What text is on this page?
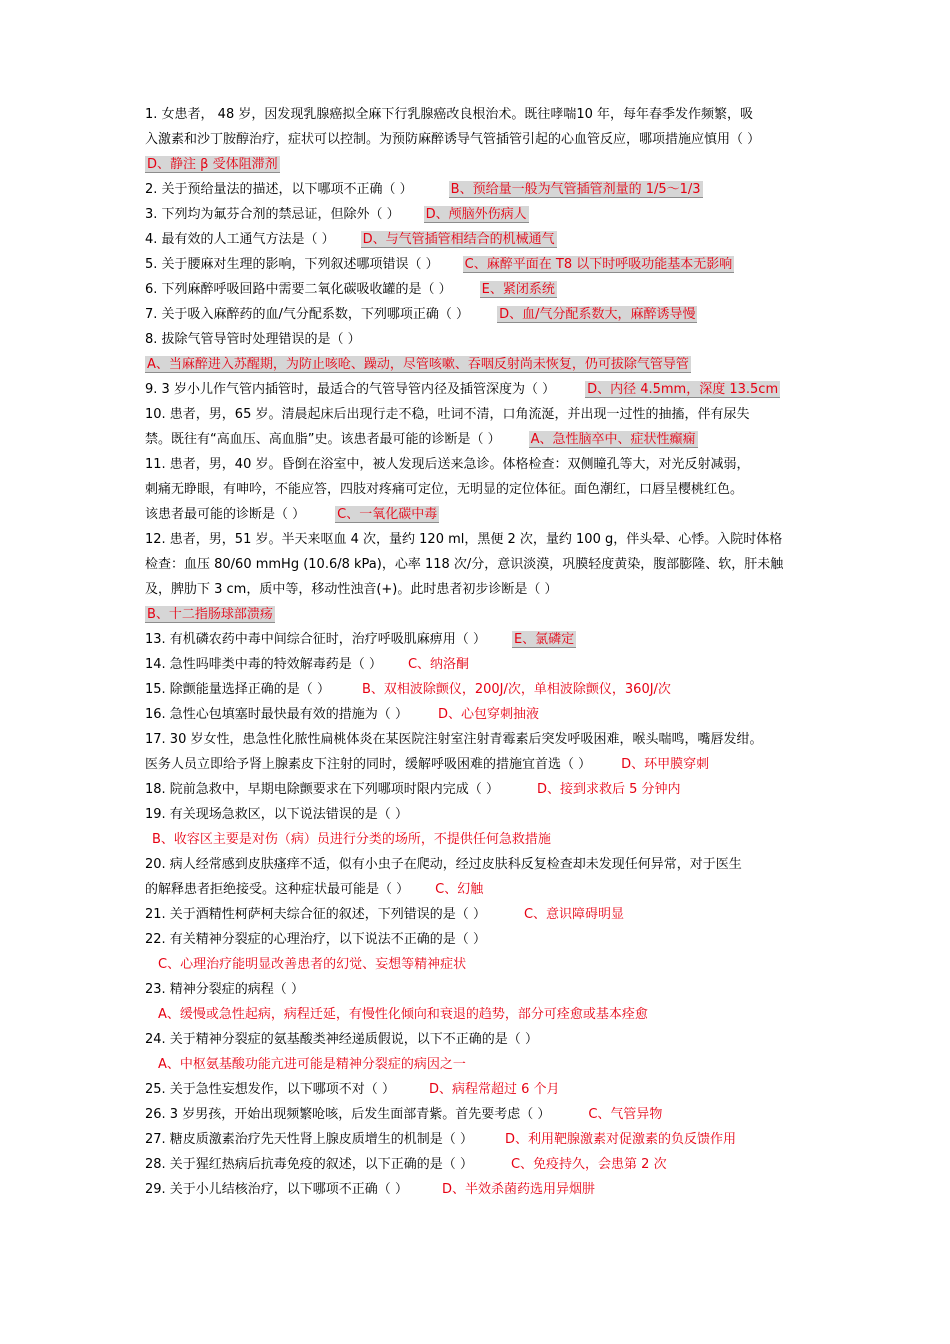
1. 女患者， 48 岁，因发现乳腺癌拟全麻下行乳腺癌改良根治术。既往哮喘10 年，每年春季发作频繁，吸
入激素和沙丁胺醇治疗，症状可以控制。为预防麻醉诱导气管插管引起的心血管反应，哪项措施应慎用（ ）
D、静注 β 受体阻滞剂
2. 关于预给量法的描述，以下哪项不正确（ ）	B、预给量一般为气管插管剂量的 1/5～1/3
3. 下列均为氟芬合剂的禁忌证，但除外（ ） D、颅脑外伤病人
4. 最有效的人工通气方法是（ ） D、与气管插管相结合的机械通气
5. 关于腰麻对生理的影响，下列叙述哪项错误（ ） C、麻醉平面在 T8 以下时呼吸功能基本无影响
6. 下列麻醉呼吸回路中需要二氧化碳吸收罐的是（ ） E、紧闭系统
7. 关于吸入麻醉药的血/气分配系数，下列哪项正确（ ） D、血/气分配系数大，麻醉诱导慢
8. 拔除气管导管时处理错误的是（ ）
A、当麻醉进入苏醒期，为防止咳呛、躁动，尽管咳嗽、吞咽反射尚未恢复，仍可拔除气管导管
9. 3 岁小儿作气管内插管时，最适合的气管导管内径及插管深度为（ ） D、内径 4.5mm，深度 13.5cm
10. 患者，男，65 岁。清晨起床后出现行走不稳，吐词不清，口角流涎，并出现一过性的抽搐，伴有尿失
禁。既往有“高血压、高血脂”史。该患者最可能的诊断是（ ） A、急性脑卒中、症状性癫痫
11. 患者，男，40 岁。昏倒在浴室中，被人发现后送来急诊。体格检查：双侧瞳孔等大，对光反射减弱，
刺痛无睁眼，有呻吟，不能应答，四肢对疼痛可定位，无明显的定位体征。面色潮红，口唇呈樱桃红色。
该患者最可能的诊断是（ ） C、一氧化碳中毒
12. 患者，男，51 岁。半天来呕血 4 次，量约 120 ml，黑便 2 次，量约 100 g，伴头晕、心悸。入院时体格
检查：血压 80/60 mmHg (10.6/8 kPa)，心率 118 次/分，意识淡漠，巩膜轻度黄染，腹部膨隆、软，肝未触
及，脾肋下 3 cm，质中等，移动性浊音(+)。此时患者初步诊断是（ ）
B、十二指肠球部溃疡
13. 有机磷农药中毒中间综合征时，治疗呼吸肌麻痹用（ ） E、氯磷定
14. 急性吗啡类中毒的特效解毒药是（ ） C、纳洛酮
15. 除颤能量选择正确的是（ ） B、双相波除颤仪，200J/次，单相波除颤仪，360J/次
16. 急性心包填塞时最快最有效的措施为（ ） D、心包穿刺抽液
17. 30 岁女性，患急性化脓性扁桃体炎在某医院注射室注射青霉素后突发呼吸困难，喉头喘鸣，嘴唇发绀。
医务人员立即给予肾上腺素皮下注射的同时，缓解呼吸困难的措施宜首选（ ） D、环甲膜穿刺
18. 院前急救中，早期电除颤要求在下列哪项时限内完成（ ）	D、接到求救后 5 分钟内
19. 有关现场急救区，以下说法错误的是（ ）
B、收容区主要是对伤（病）员进行分类的场所，不提供任何急救措施
20. 病人经常感到皮肤瘙痒不适，似有小虫子在爬动，经过皮肤科反复检查却未发现任何异常，对于医生
的解释患者拒绝接受。这种症状最可能是（ ） C、幻触
21. 关于酒精性柯萨柯夫综合征的叙述，下列错误的是（ ）	C、意识障碍明显
22. 有关精神分裂症的心理治疗，以下说法不正确的是（ ）
C、心理治疗能明显改善患者的幻觉、妄想等精神症状
23. 精神分裂症的病程（ ）
A、缓慢或急性起病，病程迁延，有慢性化倾向和衰退的趋势，部分可痊愈或基本痊愈
24. 关于精神分裂症的氨基酸类神经递质假说，以下不正确的是（ ）
A、中枢氨基酸功能亢进可能是精神分裂症的病因之一
25. 关于急性妄想发作，以下哪项不对（ ）	D、病程常超过 6 个月
26. 3 岁男孩，开始出现频繁呛咳，后发生面部青紫。首先要考虑（ ）	C、气管异物
27. 糖皮质激素治疗先天性肾上腺皮质增生的机制是（ ） D、利用靶腺激素对促激素的负反馈作用
28. 关于猩红热病后抗毒免疫的叙述，以下正确的是（ ）	C、免疫持久，会患第 2 次
29. 关于小儿结核治疗，以下哪项不正确（ ）	D、半效杀菌药选用异烟肼
